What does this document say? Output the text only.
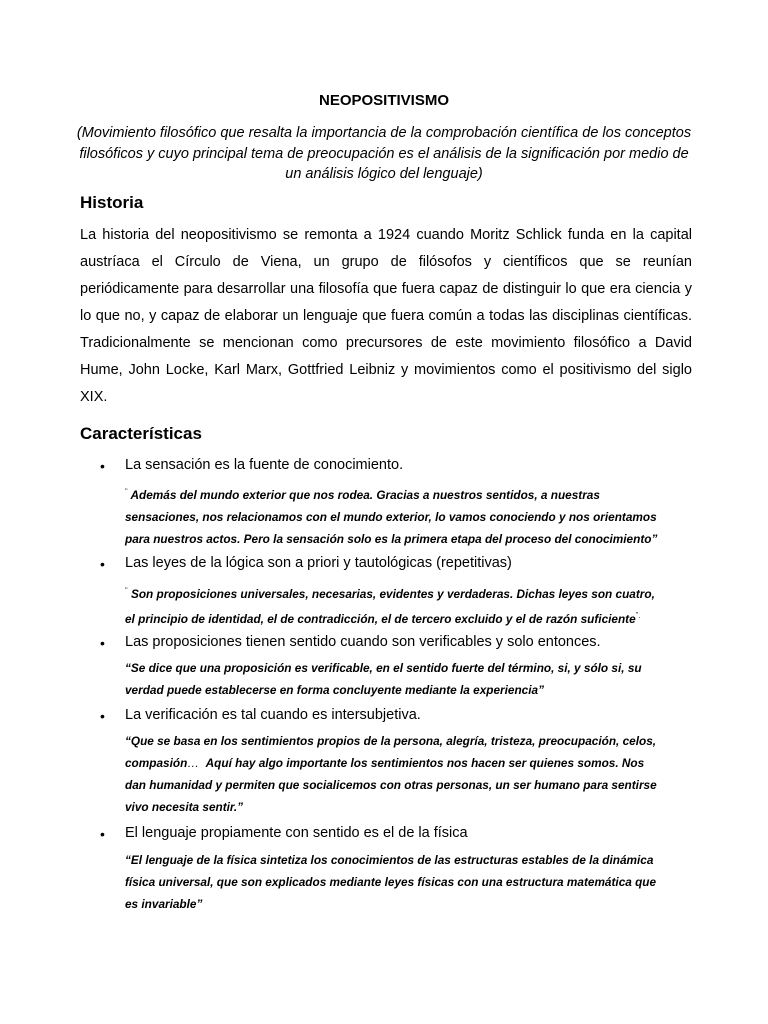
NEOPOSITIVISMO
(Movimiento filosófico que resalta la importancia de la comprobación científica de los conceptos filosóficos y cuyo principal tema de preocupación es el análisis de la significación por medio de un análisis lógico del lenguaje)
Historia
La historia del neopositivismo se remonta a 1924 cuando Moritz Schlick funda en la capital austríaca el Círculo de Viena, un grupo de filósofos y científicos que se reunían periódicamente para desarrollar una filosofía que fuera capaz de distinguir lo que era ciencia y lo que no, y capaz de elaborar un lenguaje que fuera común a todas las disciplinas científicas. Tradicionalmente se mencionan como precursores de este movimiento filosófico a David Hume, John Locke, Karl Marx, Gottfried Leibniz y movimientos como el positivismo del siglo XIX.
Características
• La sensación es la fuente de conocimiento.
“ Además del mundo exterior que nos rodea. Gracias a nuestros sentidos, a nuestras
sensaciones, nos relacionamos con el mundo exterior, lo vamos conociendo y nos orientamos
para nuestros actos. Pero la sensación solo es la primera etapa del proceso del conocimiento”
• Las leyes de la lógica son a priori y tautológicas (repetitivas)
“ Son proposiciones universales, necesarias, evidentes y verdaderas. Dichas leyes son cuatro,
el principio de identidad, el de contradicción, el de tercero excluido y el de razón suficiente”.
• Las proposiciones tienen sentido cuando son verificables y solo entonces.
“Se dice que una proposición es verificable, en el sentido fuerte del término, si, y sólo si, su
verdad puede establecerse en forma concluyente mediante la experiencia”
• La verificación es tal cuando es intersubjetiva.
“Que se basa en los sentimientos propios de la persona, alegría, tristeza, preocupación, celos,
compasión… Aquí hay algo importante los sentimientos nos hacen ser quienes somos. Nos
dan humanidad y permiten que socialicemos con otras personas, un ser humano para sentirse
vivo necesita sentir.”
• El lenguaje propiamente con sentido es el de la física
“El lenguaje de la física sintetiza los conocimientos de las estructuras estables de la dinámica
física universal, que son explicados mediante leyes físicas con una estructura matemática que
es invariable”
